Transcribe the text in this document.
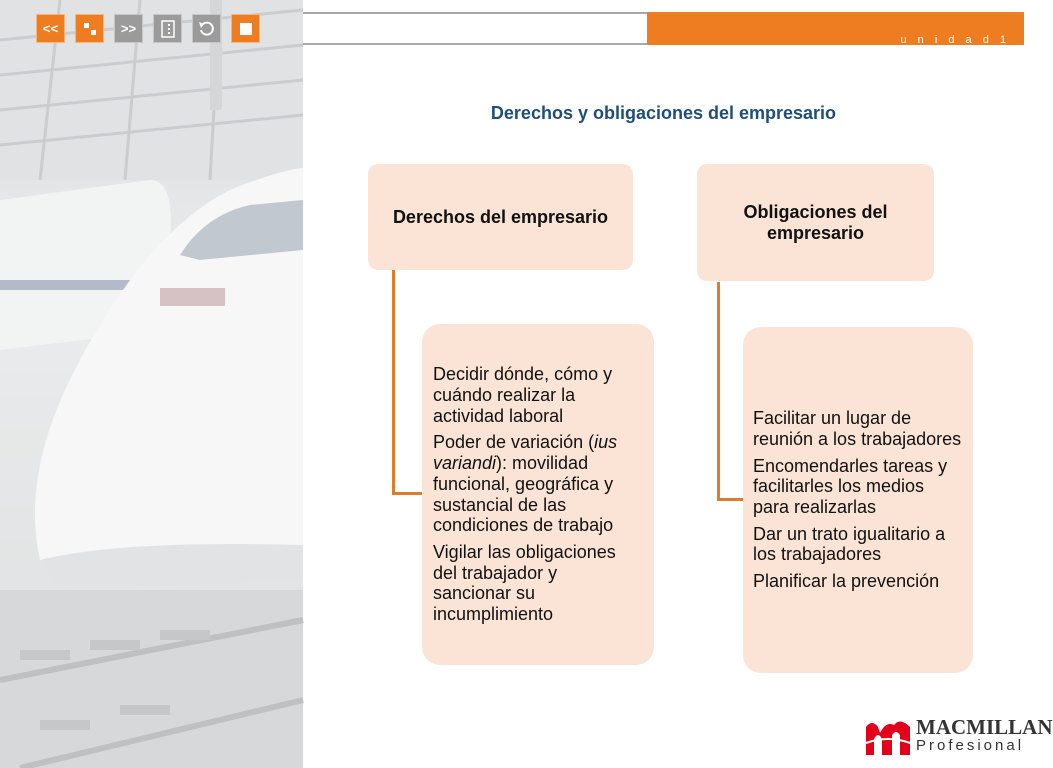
<<	>>
u n i d a d 1
Derechos y obligaciones del empresario
Derechos del empresario

Decidir dónde, cómo y cuándo realizar la actividad laboral

Poder de variación (ius variandi): movilidad funcional, geográfica y sustancial de las condiciones de trabajo

Vigilar las obligaciones del trabajador y sancionar su incumplimiento

Obligaciones del empresario

Facilitar un lugar de reunión a los trabajadores

Encomendarles tareas y facilitarles los medios para realizarlas

Dar un trato igualitario a los trabajadores

Planificar la prevención

MACMILLAN
Profesional
